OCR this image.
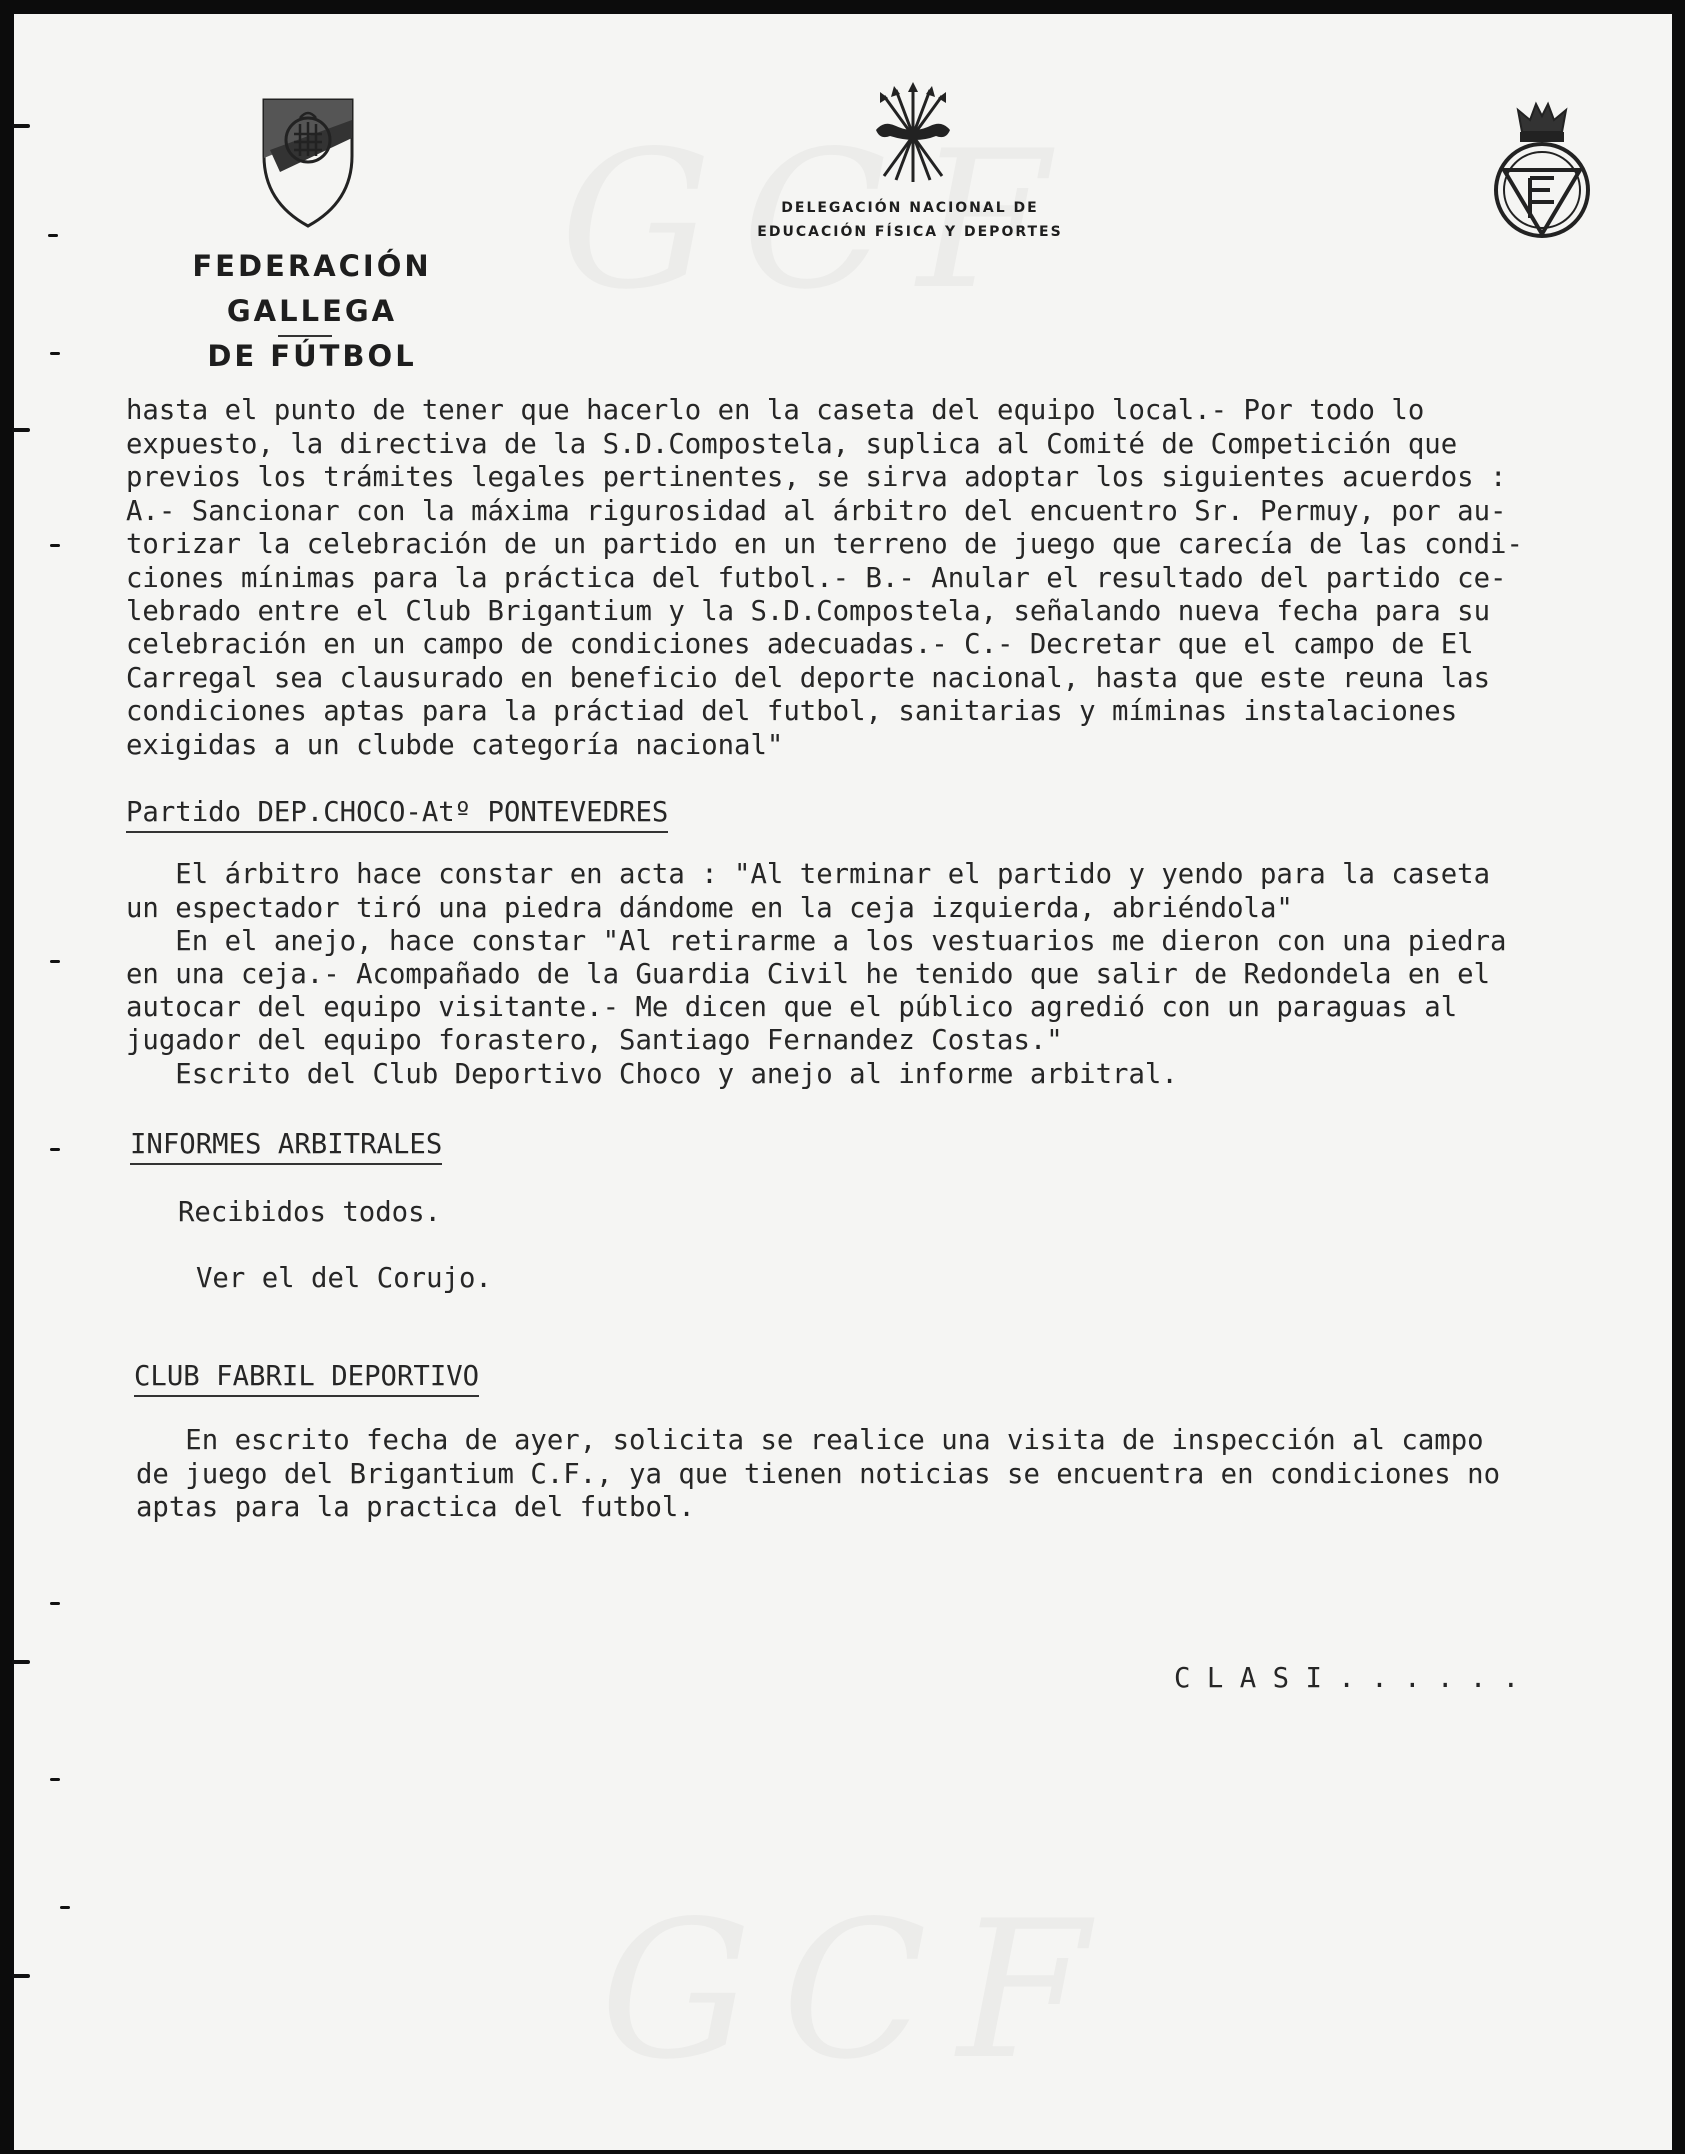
FEDERACIÓN GALLEGA
DE FÚTBOL
DELEGACIÓN NACIONAL DE
EDUCACIÓN FÍSICA Y DEPORTES
hasta el punto de tener que hacerlo en la caseta del equipo local.- Por todo lo
expuesto, la directiva de la S.D.Compostela, suplica al Comité de Competición que
previos los trámites legales pertinentes, se sirva adoptar los siguientes acuerdos :
A.- Sancionar con la máxima rigurosidad al árbitro del encuentro Sr. Permuy, por au-
torizar la celebración de un partido en un terreno de juego que carecía de las condi-
ciones mínimas para la práctica del futbol.- B.- Anular el resultado del partido ce-
lebrado entre el Club Brigantium y la S.D.Compostela, señalando nueva fecha para su
celebración en un campo de condiciones adecuadas.- C.- Decretar que el campo de El
Carregal sea clausurado en beneficio del deporte nacional, hasta que este reuna las
condiciones aptas para la práctiad del futbol, sanitarias y míminas instalaciones
exigidas a un clubde categoría nacional"
Partido DEP.CHOCO-Atº PONTEVEDRES
El árbitro hace constar en acta : "Al terminar el partido y yendo para la caseta
un espectador tiró una piedra dándome en la ceja izquierda, abriéndola"
En el anejo, hace constar "Al retirarme a los vestuarios me dieron con una piedra
en una ceja.- Acompañado de la Guardia Civil he tenido que salir de Redondela en el
autocar del equipo visitante.- Me dicen que el público agredió con un paraguas al
jugador del equipo forastero, Santiago Fernandez Costas."
Escrito del Club Deportivo Choco y anejo al informe arbitral.
INFORMES ARBITRALES
Recibidos todos.
Ver el del Corujo.
CLUB FABRIL DEPORTIVO
En escrito fecha de ayer, solicita se realice una visita de inspección al campo
de juego del Brigantium C.F., ya que tienen noticias se encuentra en condiciones no
aptas para la practica del futbol.
C L A S I . . . . . .
